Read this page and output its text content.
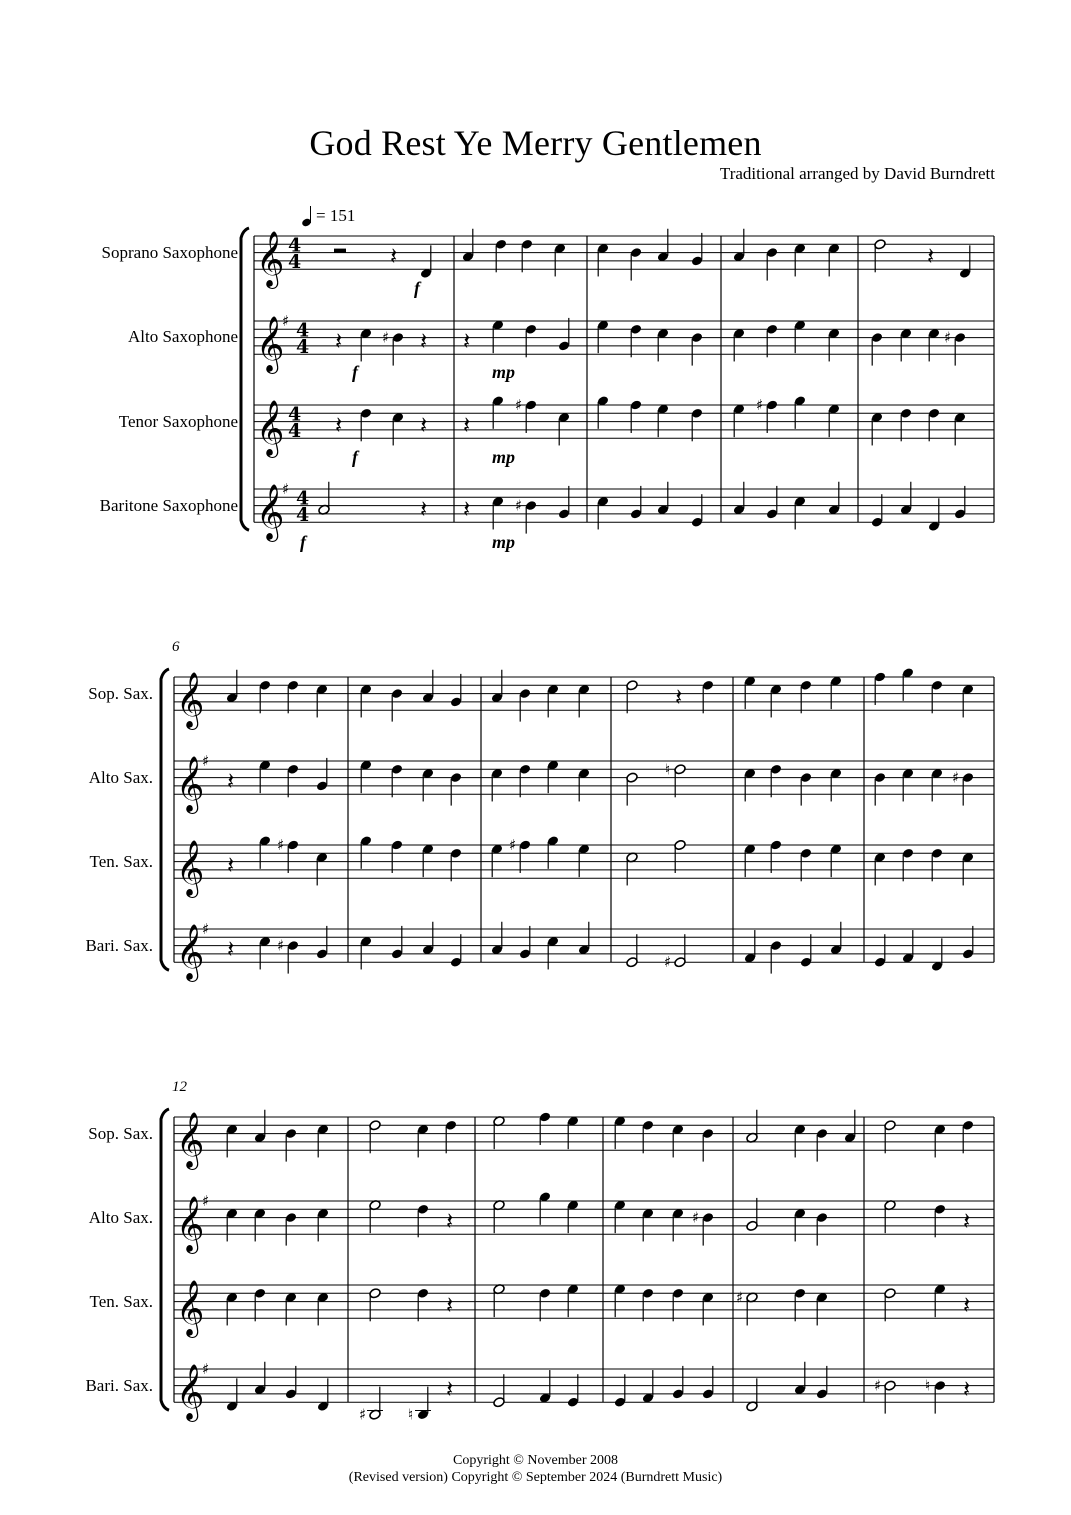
God Rest Ye Merry Gentlemen
Traditional arranged by David Burndrett
= 151
Soprano Saxophone
Alto Saxophone
Tenor Saxophone
Baritone Saxophone
Sop. Sax.
Alto Sax.
Ten. Sax.
Bari. Sax.
Sop. Sax.
Alto Sax.
Ten. Sax.
Bari. Sax.
6
12
𝄞 4
4
𝄞
♯ 4
4
𝄞 4
4
𝄞
♯ 4
4
𝄞
𝄞
♯
𝄞
𝄞
♯
𝄞
𝄞
♯
𝄞
𝄞
♯
𝄽	𝄽
𝄽	♯ 𝄽 𝄽	♯
𝄽	𝄽 𝄽
♯	♯
𝄽 𝄽	♯
𝄽
𝄽	♮	♯
𝄽
♯	♯
𝄽	♯
♯
𝄽	♯	𝄽
𝄽	♯	𝄽
♯	♮
𝄽	♯	♮ 𝄽
f
f	mp
f	mp
f	mp
Copyright © November 2008
(Revised version) Copyright © September 2024 (Burndrett Music)
